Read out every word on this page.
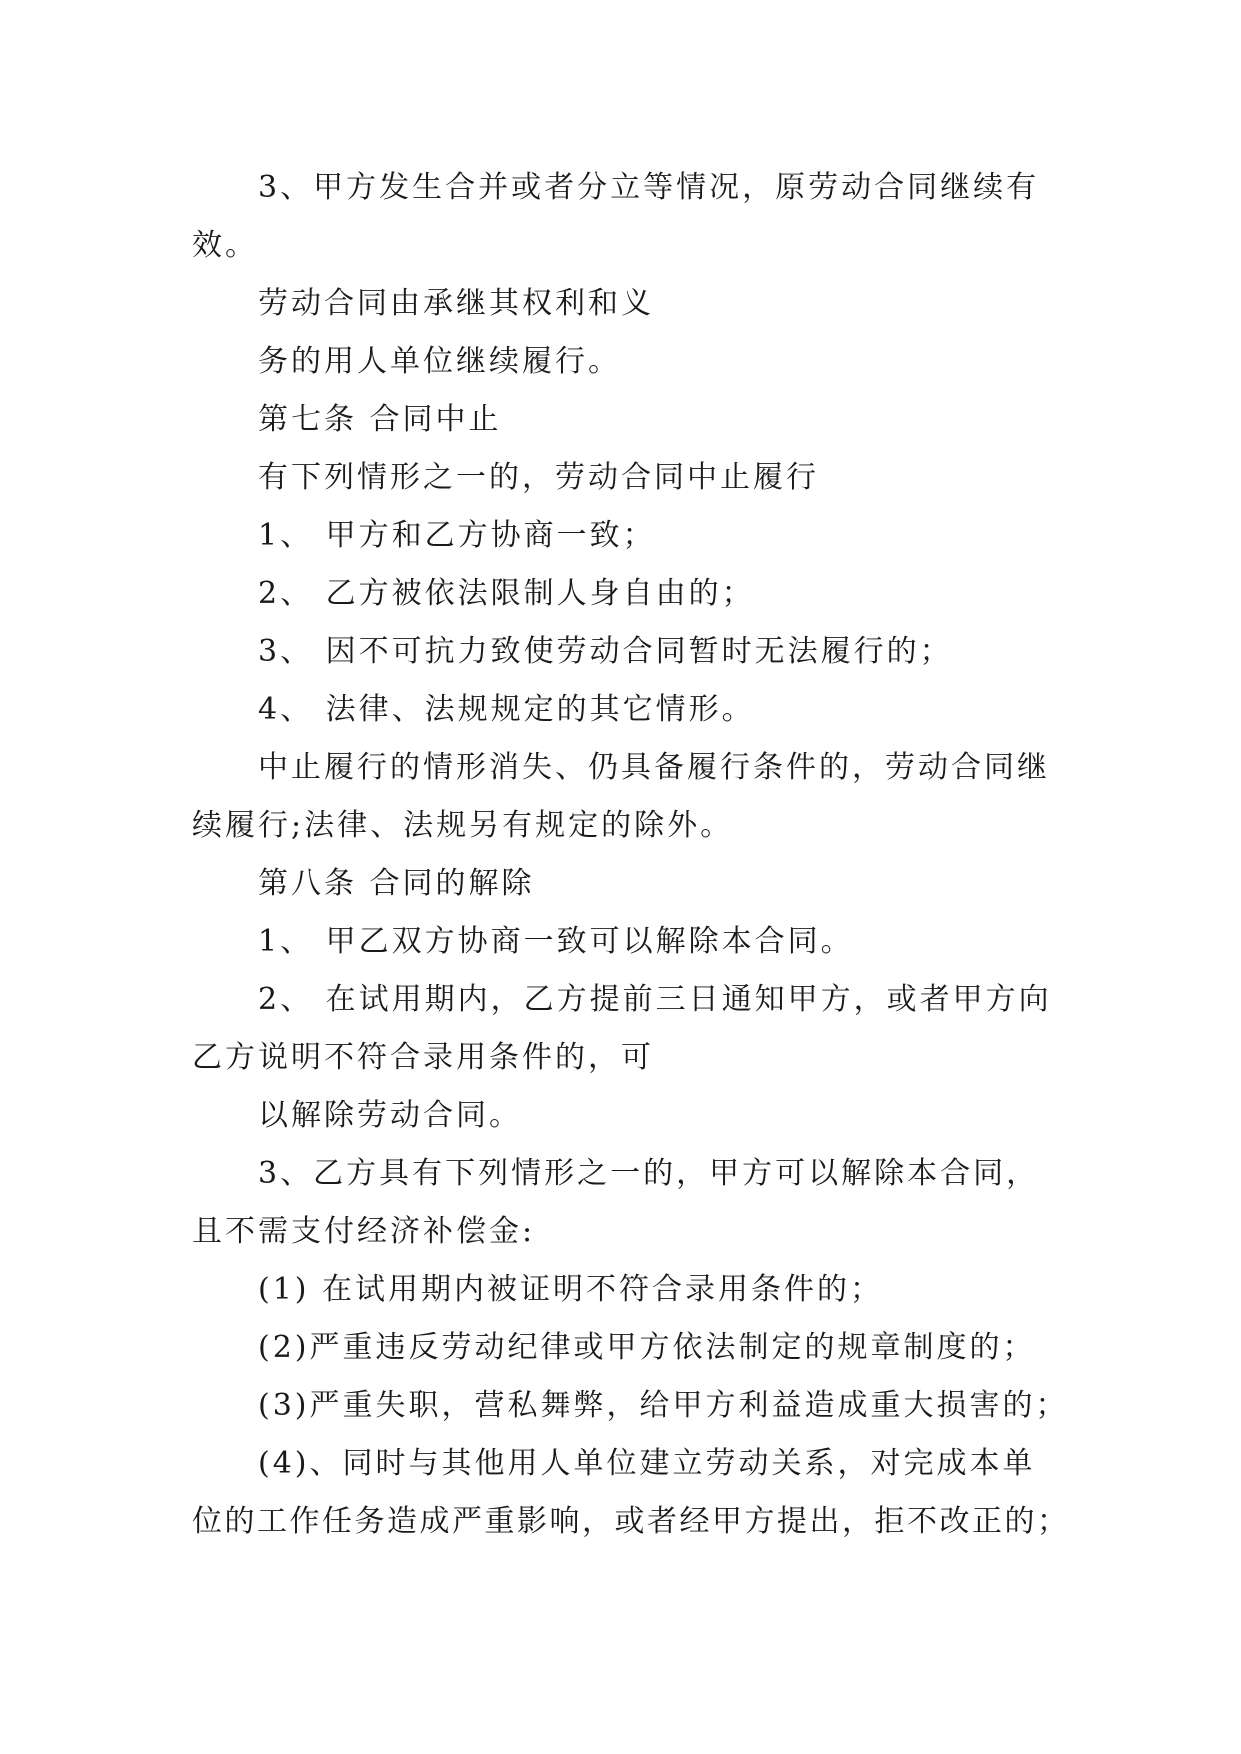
3、甲方发生合并或者分立等情况，原劳动合同继续有
效。
劳动合同由承继其权利和义
务的用人单位继续履行。
第七条 合同中止
有下列情形之一的，劳动合同中止履行
1、 甲方和乙方协商一致；
2、 乙方被依法限制人身自由的；
3、 因不可抗力致使劳动合同暂时无法履行的；
4、 法律、法规规定的其它情形。
中止履行的情形消失、仍具备履行条件的，劳动合同继
续履行;法律、法规另有规定的除外。
第八条 合同的解除
1、 甲乙双方协商一致可以解除本合同。
2、 在试用期内，乙方提前三日通知甲方，或者甲方向
乙方说明不符合录用条件的，可
以解除劳动合同。
3、乙方具有下列情形之一的，甲方可以解除本合同，
且不需支付经济补偿金:
(1) 在试用期内被证明不符合录用条件的；
(2)严重违反劳动纪律或甲方依法制定的规章制度的；
(3)严重失职，营私舞弊，给甲方利益造成重大损害的；
(4)、同时与其他用人单位建立劳动关系，对完成本单
位的工作任务造成严重影响，或者经甲方提出，拒不改正的；
